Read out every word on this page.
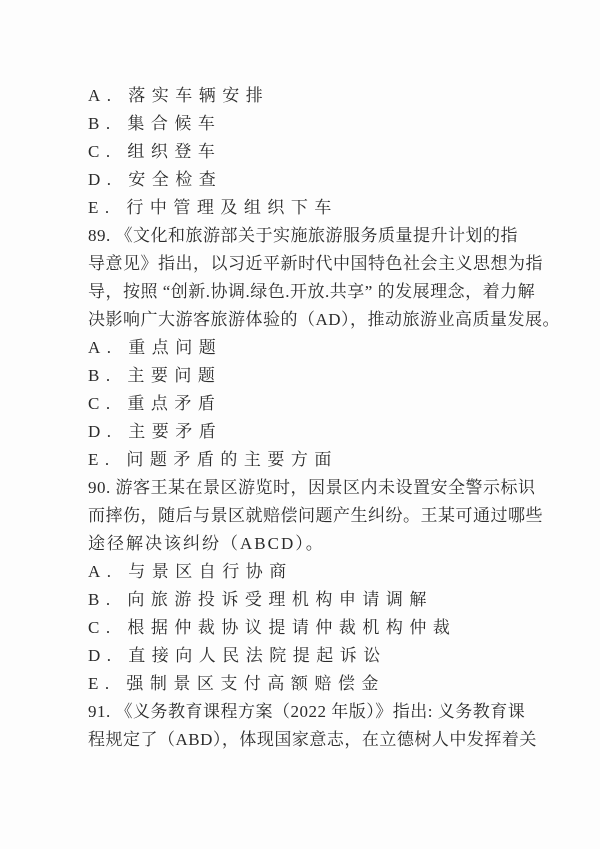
A. 落实车辆安排
B. 集合候车
C. 组织登车
D. 安全检查
E. 行中管理及组织下车
89. 《文化和旅游部关于实施旅游服务质量提升计划的指
导意见》指出，以习近平新时代中国特色社会主义思想为指
导，按照 “创新.协调.绿色.开放.共享” 的发展理念，着力解
决影响广大游客旅游体验的（AD），推动旅游业高质量发展。
A. 重点问题
B. 主要问题
C. 重点矛盾
D. 主要矛盾
E. 问题矛盾的主要方面
90. 游客王某在景区游览时，因景区内未设置安全警示标识
而摔伤，随后与景区就赔偿问题产生纠纷。王某可通过哪些
途径解决该纠纷（ABCD）。
A. 与景区自行协商
B. 向旅游投诉受理机构申请调解
C. 根据仲裁协议提请仲裁机构仲裁
D. 直接向人民法院提起诉讼
E. 强制景区支付高额赔偿金
91. 《义务教育课程方案（2022 年版）》指出: 义务教育课
程规定了（ABD），体现国家意志，在立德树人中发挥着关
